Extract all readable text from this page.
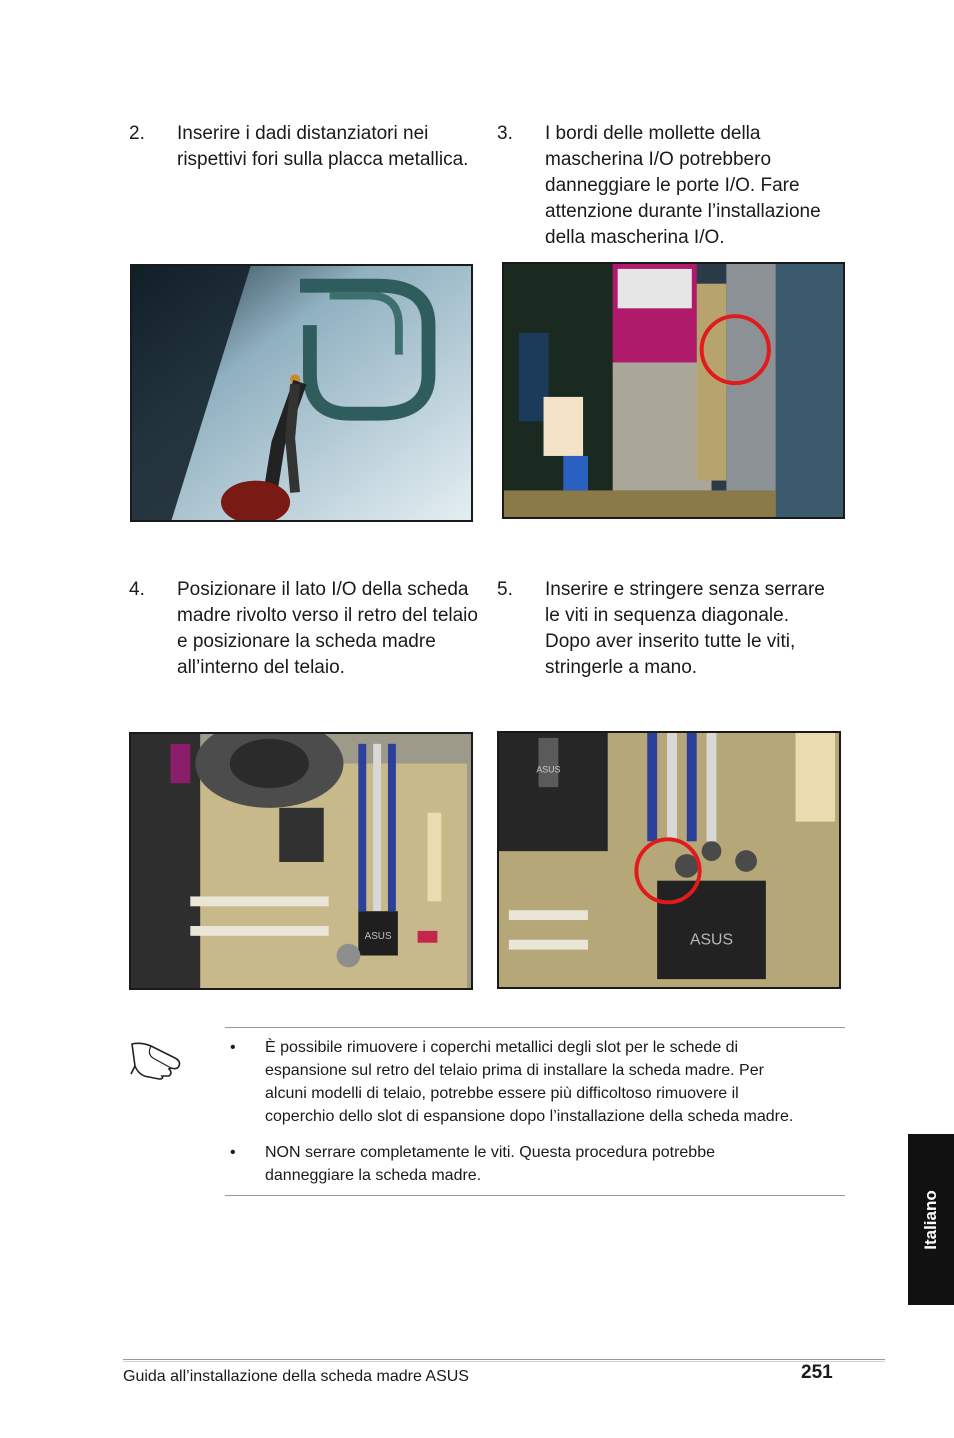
2. Inserire i dadi distanziatori nei
rispettivi fori sulla placca metallica.
3. I bordi delle mollette della
mascherina I/O potrebbero
danneggiare le porte I/O. Fare
attenzione durante l’installazione
della mascherina I/O.
4. Posizionare il lato I/O della scheda
madre rivolto verso il retro del telaio
e posizionare la scheda madre
all’interno del telaio.
5. Inserire e stringere senza serrare
le viti in sequenza diagonale.
Dopo aver inserito tutte le viti,
stringerle a mano.
ASUS
ASUS
ASUS
• È possibile rimuovere i coperchi metallici degli slot per le schede di
espansione sul retro del telaio prima di installare la scheda madre. Per
alcuni modelli di telaio, potrebbe essere più difficoltoso rimuovere il
coperchio dello slot di espansione dopo l’installazione della scheda madre.
• NON serrare completamente le viti. Questa procedura potrebbe
danneggiare la scheda madre.
Italiano
Guida all’installazione della scheda madre ASUS	251
